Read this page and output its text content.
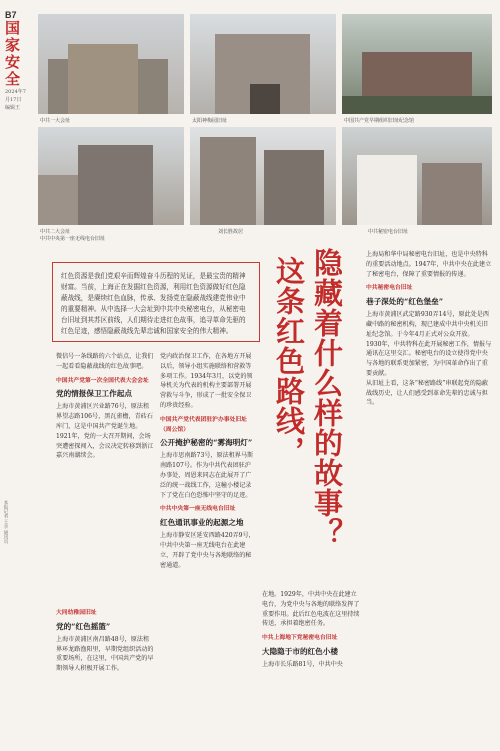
B7
国家安全
2024年7月17日
编辑王
中共一大会址	太阳神梅园旧址	中国共产党早期组织旧址纪念馆
中共二大会址
中共中央第一座无线电台旧址
刘长胜故居	中共秘密电台旧址
红色资源是我们党艰辛而辉煌奋斗历程的见证，是最宝贵的精神财富。当前，上海正在发掘红色资源，利用红色资源做好红色隐蔽战线，是赓续红色血脉，传承、发扬党在隐蔽战线建党伟业中的重要精神。从中选择一大会址到中共中央秘密电台，从秘密电台旧址到其苏区前线，人们期待走进红色故事，追寻革命先驱的红色足迹，感悟隐蔽战线先辈忠诚和国家安全的伟大精神。	隐藏着什么样的故事？
这条红色路线，
微信号一条线路的六个站点，让我们一起看看隐蔽战线的红色故事吧。
中国共产党第一次全国代表大会会址
党的情报保卫工作起点
上海市黄浦区兴业路76号，原法租界望志路106号，黑瓦雀檐，青砖石库门，这是中国共产党诞生地。1921年，党的一大召开期间，会场突遭密探闯入，会议决定转移到浙江嘉兴南湖续会。
大同幼稚园旧址
党的“红色摇篮”
上海市黄浦区南昌路48号，原法租界环龙路渔阳里，早期党组织活动的重要场所，在这里，中国共产党的早期领导人积极开展工作。
党内政治保卫工作，在各地方开展以后，领导小组实施联络和营救等多项工作。1934年3月，以党的领导机关为代表的机构主要部署开展营救与斗争，形成了一批安全保卫的珍贵经验。
中国共产党代表团驻沪办事处旧址（周公馆）
公开掩护秘密的“雾海明灯”
上海市思南路73号，原法租界马斯南路107号。作为中共代表团驻沪办事处，周恩来同志在此展开了广泛的统一战线工作，这幢小楼记录下了党在白色恐怖中坚守的足迹。
中共中央第一座无线电台旧址
红色通讯事业的起源之地
上海市静安区延安西路420弄9号，中共中央第一座无线电台在此建立，开辟了党中央与各地联络的秘密通道。
在地。1929年，中共中央在此建立电台，为党中央与各地的联络发挥了重要作用。此后红色电波在这里持续传送，承担着绝密任务。
中共上海地下党秘密电台旧址
大隐隐于市的红色小楼
上海市长乐路81号，中共中央
上海局和华中局秘密电台旧址，也是中央特科的重要活动地点。1947年，中共中央在此建立了秘密电台，保障了重要情报的传递。
中共秘密电台旧址
巷子深处的“红色堡垒”
上海市黄浦区武定路930弄14号，原此处是西藏中路的秘密机构，现已建成中共中央机关旧址纪念馆。于今年4月正式对公众开放。
1930年，中共特科在此开展秘密工作，情报与通讯在这里交汇。秘密电台的设立使得党中央与各地的联系更加紧密，为中国革命作出了重要贡献。
从旧址上看，这条“秘密路线”串联起党的隐蔽战线历史，让人们感受到革命先辈的忠诚与担当。
本报记者 王亲 通讯员
